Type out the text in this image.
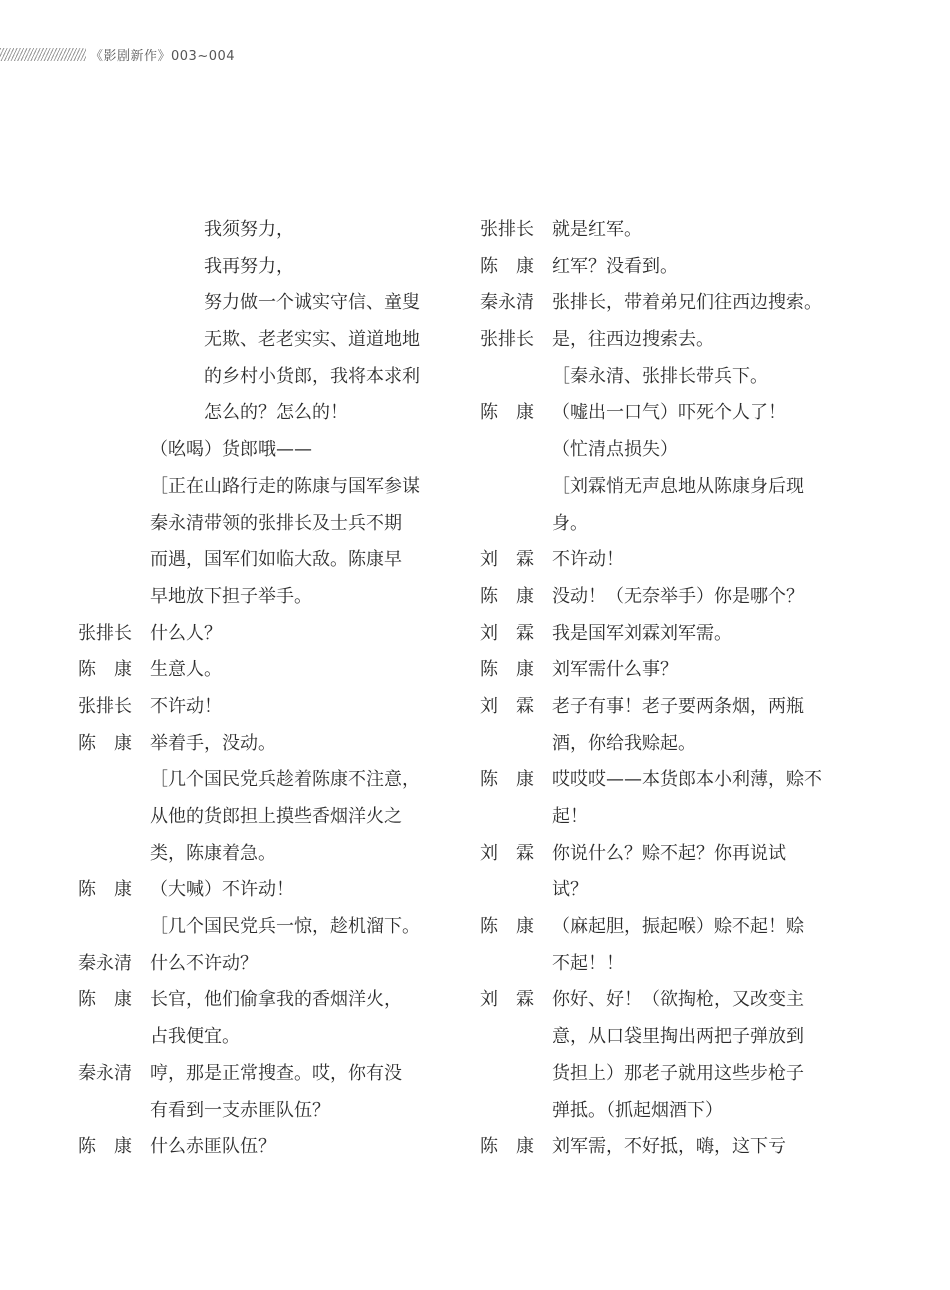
《影剧新作》003~004
我须努力，
我再努力，
努力做一个诚实守信、童叟
无欺、老老实实、道道地地
的乡村小货郎，我将本求利
怎么的？怎么的！
（吆喝）货郎哦——
［正在山路行走的陈康与国军参谋
秦永清带领的张排长及士兵不期
而遇，国军们如临大敌。陈康早
早地放下担子举手。
张排长 什么人？
陈　康 生意人。
张排长 不许动！
陈　康 举着手，没动。
［几个国民党兵趁着陈康不注意，
从他的货郎担上摸些香烟洋火之
类，陈康着急。
陈　康 （大喊）不许动！
［几个国民党兵一惊，趁机溜下。
秦永清 什么不许动？
陈　康 长官，他们偷拿我的香烟洋火，
占我便宜。
秦永清 哼，那是正常搜查。哎，你有没
有看到一支赤匪队伍？
陈　康 什么赤匪队伍？
张排长 就是红军。
陈　康 红军？没看到。
秦永清 张排长，带着弟兄们往西边搜索。
张排长 是，往西边搜索去。
［秦永清、张排长带兵下。
陈　康 （嘘出一口气）吓死个人了！
（忙清点损失）
［刘霖悄无声息地从陈康身后现
身。
刘　霖 不许动！
陈　康 没动！（无奈举手）你是哪个？
刘　霖 我是国军刘霖刘军需。
陈　康 刘军需什么事？
刘　霖 老子有事！老子要两条烟，两瓶
酒，你给我赊起。
陈　康 哎哎哎——本货郎本小利薄，赊不
起！
刘　霖 你说什么？赊不起？你再说试
试？
陈　康 （麻起胆，振起喉）赊不起！赊
不起！！
刘　霖 你好、好！（欲掏枪，又改变主
意，从口袋里掏出两把子弹放到
货担上）那老子就用这些步枪子
弹抵。（抓起烟酒下）
陈　康 刘军需，不好抵，嗨，这下亏
